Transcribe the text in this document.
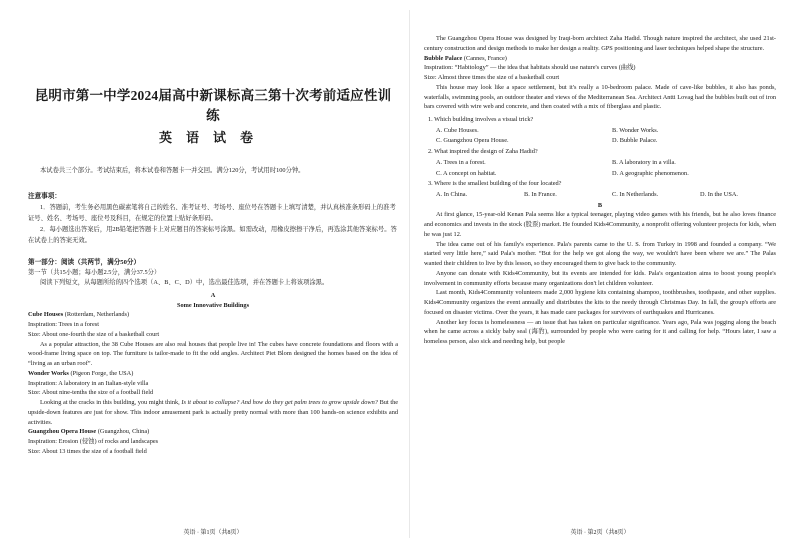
昆明市第一中学2024届高中新课标高三第十次考前适应性训练
英语试卷

本试卷共三个部分。考试结束后，将本试卷和答题卡一并交回。满分120分，考试用时100分钟。

注意事项：

1．答题前，考生务必用黑色碳素笔将自己的姓名、准考证号、考场号、座位号在答题卡上填写清楚，并认真核准条形码上的准考证号、姓名、考场号、座位号及科目，在规定的位置上贴好条形码。

2．每小题选出答案后，用2B铅笔把答题卡上对应题目的答案标号涂黑。如需改动，用橡皮擦擦干净后，再选涂其他答案标号。答在试卷上的答案无效。

第一部分：阅读（共两节，满分50分）

第一节（共15小题；每小题2.5分，满分37.5分）

阅读下列短文，从每题所给的四个选项（A、B、C、D）中，选出最佳选项，并在答题卡上将该项涂黑。

A

Some Innovative Buildings

Cube Houses (Rotterdam, Netherlands)

Inspiration: Trees in a forest

Size: About one-fourth the size of a basketball court

As a popular attraction, the 38 Cube Houses are also real houses that people live in! The cubes have concrete foundations and floors with a wood-frame living space on top. The furniture is tailor-made to fit the odd angles. Architect Piet Blom designed the homes based on the idea of “living as an urban roof”.

Wonder Works (Pigeon Forge, the USA)

Inspiration: A laboratory in an Italian-style villa

Size: About nine-tenths the size of a football field

Looking at the cracks in this building, you might think, Is it about to collapse? And how do they get palm trees to grow upside down? But the upside-down features are just for show. This indoor amusement park is actually pretty normal with more than 100 hands-on science exhibits and activities.

Guangzhou Opera House (Guangzhou, China)

Inspiration: Erosion (侵蚀) of rocks and landscapes

Size: About 13 times the size of a football field

英语 · 第1页（共8页）

The Guangzhou Opera House was designed by Iraqi-born architect Zaha Hadid. Though nature inspired the architect, she used 21st-century construction and design methods to make her design a reality. GPS positioning and laser techniques helped shape the structure.

Bubble Palace (Cannes, France)

Inspiration: “Habitology” — the idea that habitats should use nature's curves (曲线)

Size: Almost three times the size of a basketball court

This house may look like a space settlement, but it's really a 10-bedroom palace. Made of cave-like bubbles, it also has ponds, waterfalls, swimming pools, an outdoor theater and views of the Mediterranean Sea. Architect Antti Lovag had the bubbles built out of iron bars covered with wire web and concrete, and then coated with a mix of fiberglass and plastic.

1. Which building involves a visual trick?
A. Cube Houses.	B. Wonder Works.
C. Guangzhou Opera House.	D. Bubble Palace.
2. What inspired the design of Zaha Hadid?
A. Trees in a forest.	B. A laboratory in a villa.
C. A concept on habitat.	D. A geographic phenomenon.
3. Where is the smallest building of the four located?
A. In China.	B. In France.	C. In Netherlands.	D. In the USA.

B

At first glance, 15-year-old Kenan Pala seems like a typical teenager, playing video games with his friends, but he also loves finance and economics and invests in the stock (股票) market. He founded Kids4Community, a nonprofit offering volunteer projects for kids, when he was just 12.

The idea came out of his family's experience. Pala's parents came to the U. S. from Turkey in 1998 and founded a company. “We started very little here,” said Pala's mother. “But for the help we got along the way, we wouldn't have been where we are.” The Palas wanted their children to live by this lesson, so they encouraged them to give back to the community.

Anyone can donate with Kids4Community, but its events are intended for kids. Pala's organization aims to boost young people's involvement in community efforts because many organizations don't let children volunteer.

Last month, Kids4Community volunteers made 2,000 hygiene kits containing shampoo, toothbrushes, toothpaste, and other supplies. Kids4Community organizes the event annually and distributes the kits to the needy through Christmas Day. In fall, the group's efforts are focused on disaster victims. Over the years, it has made care packages for survivors of earthquakes and Hurricanes.

Another key focus is homelessness — an issue that has taken on particular significance. Years ago, Pala was jogging along the beach when he came across a sickly baby seal (海豹), surrounded by people who were caring for it and calling for help. “Hours later, I saw a homeless person, also sick and needing help, but people

英语 · 第2页（共8页）
